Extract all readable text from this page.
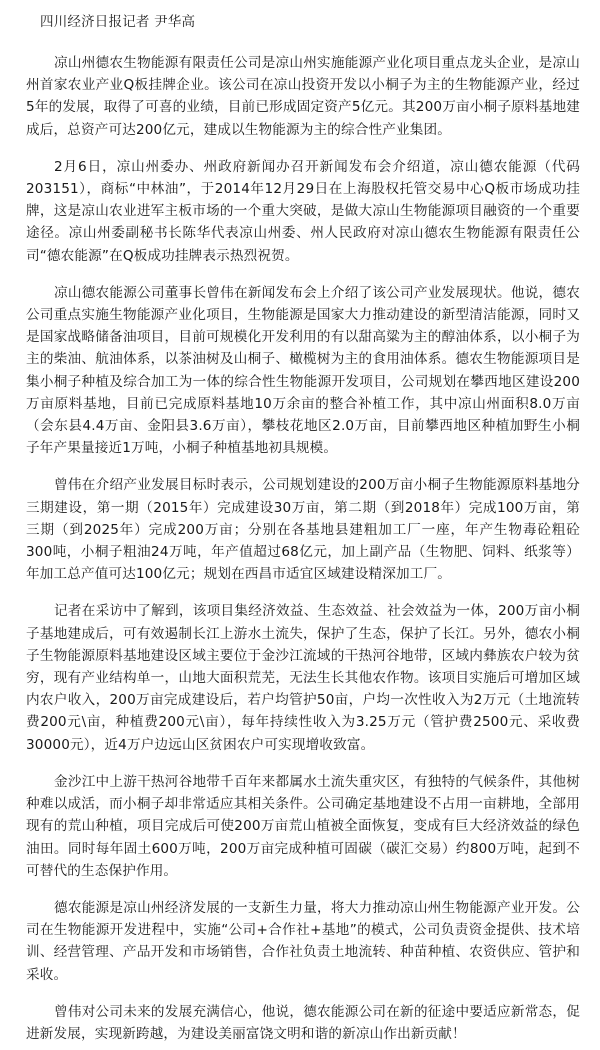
四川经济日报记者 尹华高

凉山州德农生物能源有限责任公司是凉山州实施能源产业化项目重点龙头企业，是凉山州首家农业产业Q板挂牌企业。该公司在凉山投资开发以小桐子为主的生物能源产业，经过5年的发展，取得了可喜的业绩，目前已形成固定资产5亿元。其200万亩小桐子原料基地建成后，总资产可达200亿元，建成以生物能源为主的综合性产业集团。

2月6日，凉山州委办、州政府新闻办召开新闻发布会介绍道，凉山德农能源（代码203151），商标“中林油”，于2014年12月29日在上海股权托管交易中心Q板市场成功挂牌，这是凉山农业进军主板市场的一个重大突破，是做大凉山生物能源项目融资的一个重要途径。凉山州委副秘书长陈华代表凉山州委、州人民政府对凉山德农生物能源有限责任公司“德农能源”在Q板成功挂牌表示热烈祝贺。

凉山德农能源公司董事长曾伟在新闻发布会上介绍了该公司产业发展现状。他说，德农公司重点实施生物能源产业化项目，生物能源是国家大力推动建设的新型清洁能源，同时又是国家战略储备油项目，目前可规模化开发利用的有以甜高粱为主的醇油体系，以小桐子为主的柴油、航油体系，以茶油树及山桐子、橄榄树为主的食用油体系。德农生物能源项目是集小桐子种植及综合加工为一体的综合性生物能源开发项目，公司规划在攀西地区建设200万亩原料基地，目前已完成原料基地10万余亩的整合补植工作，其中凉山州面积8.0万亩（会东县4.4万亩、金阳县3.6万亩），攀枝花地区2.0万亩，目前攀西地区种植加野生小桐子年产果量接近1万吨，小桐子种植基地初具规模。

曾伟在介绍产业发展目标时表示，公司规划建设的200万亩小桐子生物能源原料基地分三期建设，第一期（2015年）完成建设30万亩，第二期（到2018年）完成100万亩，第三期（到2025年）完成200万亩；分别在各基地县建粗加工厂一座，年产生物毒砼粗砼300吨，小桐子粗油24万吨，年产值超过68亿元，加上副产品（生物肥、饲料、纸浆等）年加工总产值可达100亿元；规划在西昌市适宜区域建设精深加工厂。

记者在采访中了解到，该项目集经济效益、生态效益、社会效益为一体，200万亩小桐子基地建成后，可有效遏制长江上游水土流失，保护了生态，保护了长江。另外，德农小桐子生物能源原料基地建设区域主要位于金沙江流域的干热河谷地带，区域内彝族农户较为贫穷，现有产业结构单一，山地大面积荒芜，无法生长其他农作物。该项目实施后可增加区域内农户收入，200万亩完成建设后，若户均管护50亩，户均一次性收入为2万元（土地流转费200元\亩，种植费200元\亩），每年持续性收入为3.25万元（管护费2500元、采收费30000元），近4万户边远山区贫困农户可实现增收致富。

金沙江中上游干热河谷地带千百年来都属水土流失重灾区，有独特的气候条件，其他树种难以成活，而小桐子却非常适应其相关条件。公司确定基地建设不占用一亩耕地，全部用现有的荒山种植，项目完成后可使200万亩荒山植被全面恢复，变成有巨大经济效益的绿色油田。同时每年固土600万吨，200万亩完成种植可固碳（碳汇交易）约800万吨，起到不可替代的生态保护作用。

德农能源是凉山州经济发展的一支新生力量，将大力推动凉山州生物能源产业开发。公司在生物能源开发进程中，实施“公司+合作社+基地”的模式，公司负责资金提供、技术培训、经营管理、产品开发和市场销售，合作社负责土地流转、种苗种植、农资供应、管护和采收。

曾伟对公司未来的发展充满信心，他说，德农能源公司在新的征途中要适应新常态，促进新发展，实现新跨越，为建设美丽富饶文明和谐的新凉山作出新贡献！
